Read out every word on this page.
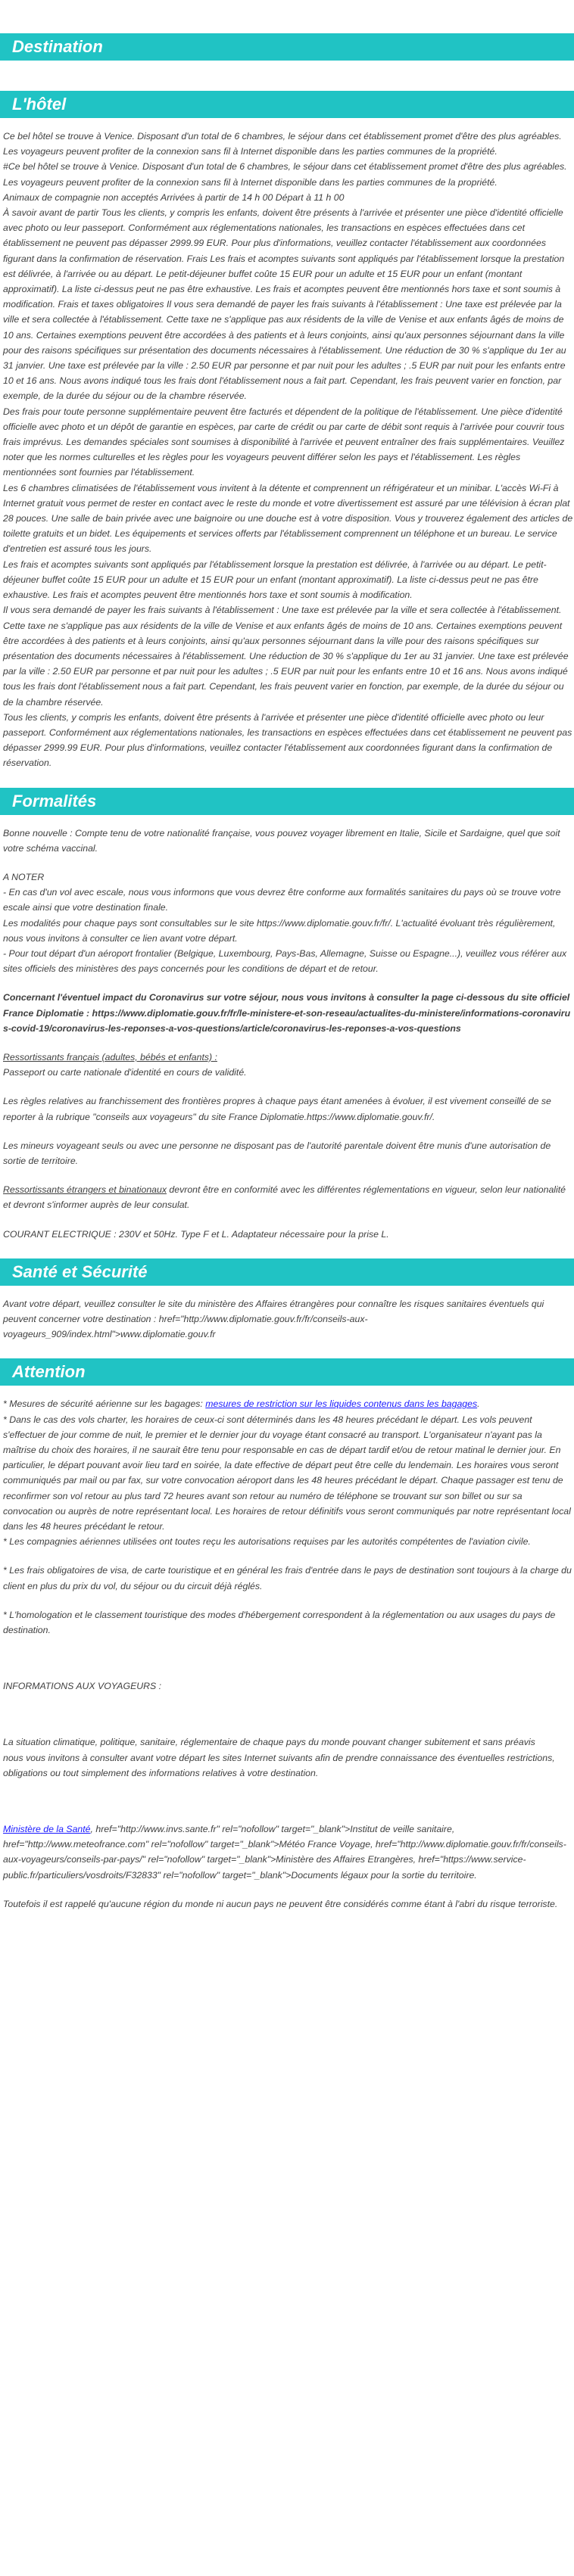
Destination
L'hôtel

Ce bel hôtel se trouve à Venice. Disposant d'un total de 6 chambres, le séjour dans cet établissement promet d'être des plus agréables. Les voyageurs peuvent profiter de la connexion sans fil à Internet disponible dans les parties communes de la propriété.

#Ce bel hôtel se trouve à Venice. Disposant d'un total de 6 chambres, le séjour dans cet établissement promet d'être des plus agréables. Les voyageurs peuvent profiter de la connexion sans fil à Internet disponible dans les parties communes de la propriété.

Animaux de compagnie non acceptés Arrivées à partir de 14 h 00 Départ à 11 h 00

À savoir avant de partir Tous les clients, y compris les enfants, doivent être présents à l'arrivée et présenter une pièce d'identité officielle avec photo ou leur passeport. Conformément aux réglementations nationales, les transactions en espèces effectuées dans cet établissement ne peuvent pas dépasser 2999.99 EUR. Pour plus d'informations, veuillez contacter l'établissement aux coordonnées figurant dans la confirmation de réservation. Frais Les frais et acomptes suivants sont appliqués par l'établissement lorsque la prestation est délivrée, à l'arrivée ou au départ. Le petit-déjeuner buffet coûte 15 EUR pour un adulte et 15 EUR pour un enfant (montant approximatif). La liste ci-dessus peut ne pas être exhaustive. Les frais et acomptes peuvent être mentionnés hors taxe et sont soumis à modification. Frais et taxes obligatoires Il vous sera demandé de payer les frais suivants à l'établissement : Une taxe est prélevée par la ville et sera collectée à l'établissement. Cette taxe ne s'applique pas aux résidents de la ville de Venise et aux enfants âgés de moins de 10 ans. Certaines exemptions peuvent être accordées à des patients et à leurs conjoints, ainsi qu'aux personnes séjournant dans la ville pour des raisons spécifiques sur présentation des documents nécessaires à l'établissement. Une réduction de 30 % s'applique du 1er au 31 janvier. Une taxe est prélevée par la ville : 2.50 EUR par personne et par nuit pour les adultes ; .5 EUR par nuit pour les enfants entre 10 et 16 ans. Nous avons indiqué tous les frais dont l'établissement nous a fait part. Cependant, les frais peuvent varier en fonction, par exemple, de la durée du séjour ou de la chambre réservée.

Des frais pour toute personne supplémentaire peuvent être facturés et dépendent de la politique de l'établissement. Une pièce d'identité officielle avec photo et un dépôt de garantie en espèces, par carte de crédit ou par carte de débit sont requis à l'arrivée pour couvrir tous frais imprévus. Les demandes spéciales sont soumises à disponibilité à l'arrivée et peuvent entraîner des frais supplémentaires. Veuillez noter que les normes culturelles et les règles pour les voyageurs peuvent différer selon les pays et l'établissement. Les règles mentionnées sont fournies par l'établissement.

Les 6 chambres climatisées de l'établissement vous invitent à la détente et comprennent un réfrigérateur et un minibar. L'accès Wi-Fi à Internet gratuit vous permet de rester en contact avec le reste du monde et votre divertissement est assuré par une télévision à écran plat 28 pouces. Une salle de bain privée avec une baignoire ou une douche est à votre disposition. Vous y trouverez également des articles de toilette gratuits et un bidet. Les équipements et services offerts par l'établissement comprennent un téléphone et un bureau. Le service d'entretien est assuré tous les jours.

Les frais et acomptes suivants sont appliqués par l'établissement lorsque la prestation est délivrée, à l'arrivée ou au départ. Le petit-déjeuner buffet coûte 15 EUR pour un adulte et 15 EUR pour un enfant (montant approximatif). La liste ci-dessus peut ne pas être exhaustive. Les frais et acomptes peuvent être mentionnés hors taxe et sont soumis à modification.

Il vous sera demandé de payer les frais suivants à l'établissement : Une taxe est prélevée par la ville et sera collectée à l'établissement. Cette taxe ne s'applique pas aux résidents de la ville de Venise et aux enfants âgés de moins de 10 ans. Certaines exemptions peuvent être accordées à des patients et à leurs conjoints, ainsi qu'aux personnes séjournant dans la ville pour des raisons spécifiques sur présentation des documents nécessaires à l'établissement. Une réduction de 30 % s'applique du 1er au 31 janvier. Une taxe est prélevée par la ville : 2.50 EUR par personne et par nuit pour les adultes ; .5 EUR par nuit pour les enfants entre 10 et 16 ans. Nous avons indiqué tous les frais dont l'établissement nous a fait part. Cependant, les frais peuvent varier en fonction, par exemple, de la durée du séjour ou de la chambre réservée.

Tous les clients, y compris les enfants, doivent être présents à l'arrivée et présenter une pièce d'identité officielle avec photo ou leur passeport. Conformément aux réglementations nationales, les transactions en espèces effectuées dans cet établissement ne peuvent pas dépasser 2999.99 EUR. Pour plus d'informations, veuillez contacter l'établissement aux coordonnées figurant dans la confirmation de réservation.

Formalités

Bonne nouvelle : Compte tenu de votre nationalité française, vous pouvez voyager librement en Italie, Sicile et Sardaigne, quel que soit votre schéma vaccinal.

A NOTER

- En cas d'un vol avec escale, nous vous informons que vous devrez être conforme aux formalités sanitaires du pays où se trouve votre escale ainsi que votre destination finale.

Les modalités pour chaque pays sont consultables sur le site https://www.diplomatie.gouv.fr/fr/. L'actualité évoluant très régulièrement, nous vous invitons à consulter ce lien avant votre départ.

- Pour tout départ d'un aéroport frontalier (Belgique, Luxembourg, Pays-Bas, Allemagne, Suisse ou Espagne...), veuillez vous référer aux sites officiels des ministères des pays concernés pour les conditions de départ et de retour.

Concernant l'éventuel impact du Coronavirus sur votre séjour, nous vous invitons à consulter la page ci-dessous du site officiel France Diplomatie : https://www.diplomatie.gouv.fr/fr/le-ministere-et-son-reseau/actualites-du-ministere/informations-coronavirus-covid-19/coronavirus-les-reponses-a-vos-questions/article/coronavirus-les-reponses-a-vos-questions

Ressortissants français (adultes, bébés et enfants) :

Passeport ou carte nationale d'identité en cours de validité.

Les règles relatives au franchissement des frontières propres à chaque pays étant amenées à évoluer, il est vivement conseillé de se reporter à la rubrique "conseils aux voyageurs" du site France Diplomatie.https://www.diplomatie.gouv.fr/.

Les mineurs voyageant seuls ou avec une personne ne disposant pas de l'autorité parentale doivent être munis d'une autorisation de sortie de territoire.

Ressortissants étrangers et binationaux devront être en conformité avec les différentes réglementations en vigueur, selon leur nationalité et devront s'informer auprès de leur consulat.

COURANT ELECTRIQUE : 230V et 50Hz. Type F et L. Adaptateur nécessaire pour la prise L.

Santé et Sécurité

Avant votre départ, veuillez consulter le site du ministère des Affaires étrangères pour connaître les risques sanitaires éventuels qui peuvent concerner votre destination : href="http://www.diplomatie.gouv.fr/fr/conseils-aux-voyageurs_909/index.html">www.diplomatie.gouv.fr

Attention

* Mesures de sécurité aérienne sur les bagages: mesures de restriction sur les liquides contenus dans les bagages.

* Dans le cas des vols charter, les horaires de ceux-ci sont déterminés dans les 48 heures précédant le départ. Les vols peuvent s'effectuer de jour comme de nuit, le premier et le dernier jour du voyage étant consacré au transport. L'organisateur n'ayant pas la maîtrise du choix des horaires, il ne saurait être tenu pour responsable en cas de départ tardif et/ou de retour matinal le dernier jour. En particulier, le départ pouvant avoir lieu tard en soirée, la date effective de départ peut être celle du lendemain. Les horaires vous seront communiqués par mail ou par fax, sur votre convocation aéroport dans les 48 heures précédant le départ. Chaque passager est tenu de reconfirmer son vol retour au plus tard 72 heures avant son retour au numéro de téléphone se trouvant sur son billet ou sur sa convocation ou auprès de notre représentant local. Les horaires de retour définitifs vous seront communiqués par notre représentant local dans les 48 heures précédant le retour.

* Les compagnies aériennes utilisées ont toutes reçu les autorisations requises par les autorités compétentes de l'aviation civile.

* Les frais obligatoires de visa, de carte touristique et en général les frais d'entrée dans le pays de destination sont toujours à la charge du client en plus du prix du vol, du séjour ou du circuit déjà réglés.

* L'homologation et le classement touristique des modes d'hébergement correspondent à la réglementation ou aux usages du pays de destination.

INFORMATIONS AUX VOYAGEURS :

La situation climatique, politique, sanitaire, réglementaire de chaque pays du monde pouvant changer subitement et sans préavis
nous vous invitons à consulter avant votre départ les sites Internet suivants afin de prendre connaissance des éventuelles restrictions, obligations ou tout simplement des informations relatives à votre destination.

Ministère de la Santé, href="http://www.invs.sante.fr" rel="nofollow" target="_blank">Institut de veille sanitaire, href="http://www.meteofrance.com" rel="nofollow" target="_blank">Météo France Voyage, href="http://www.diplomatie.gouv.fr/fr/conseils-aux-voyageurs/conseils-par-pays/" rel="nofollow" target="_blank">Ministère des Affaires Etrangères, href="https://www.service-public.fr/particuliers/vosdroits/F32833" rel="nofollow" target="_blank">Documents légaux pour la sortie du territoire.

Toutefois il est rappelé qu'aucune région du monde ni aucun pays ne peuvent être considérés comme étant à l'abri du risque terroriste.
